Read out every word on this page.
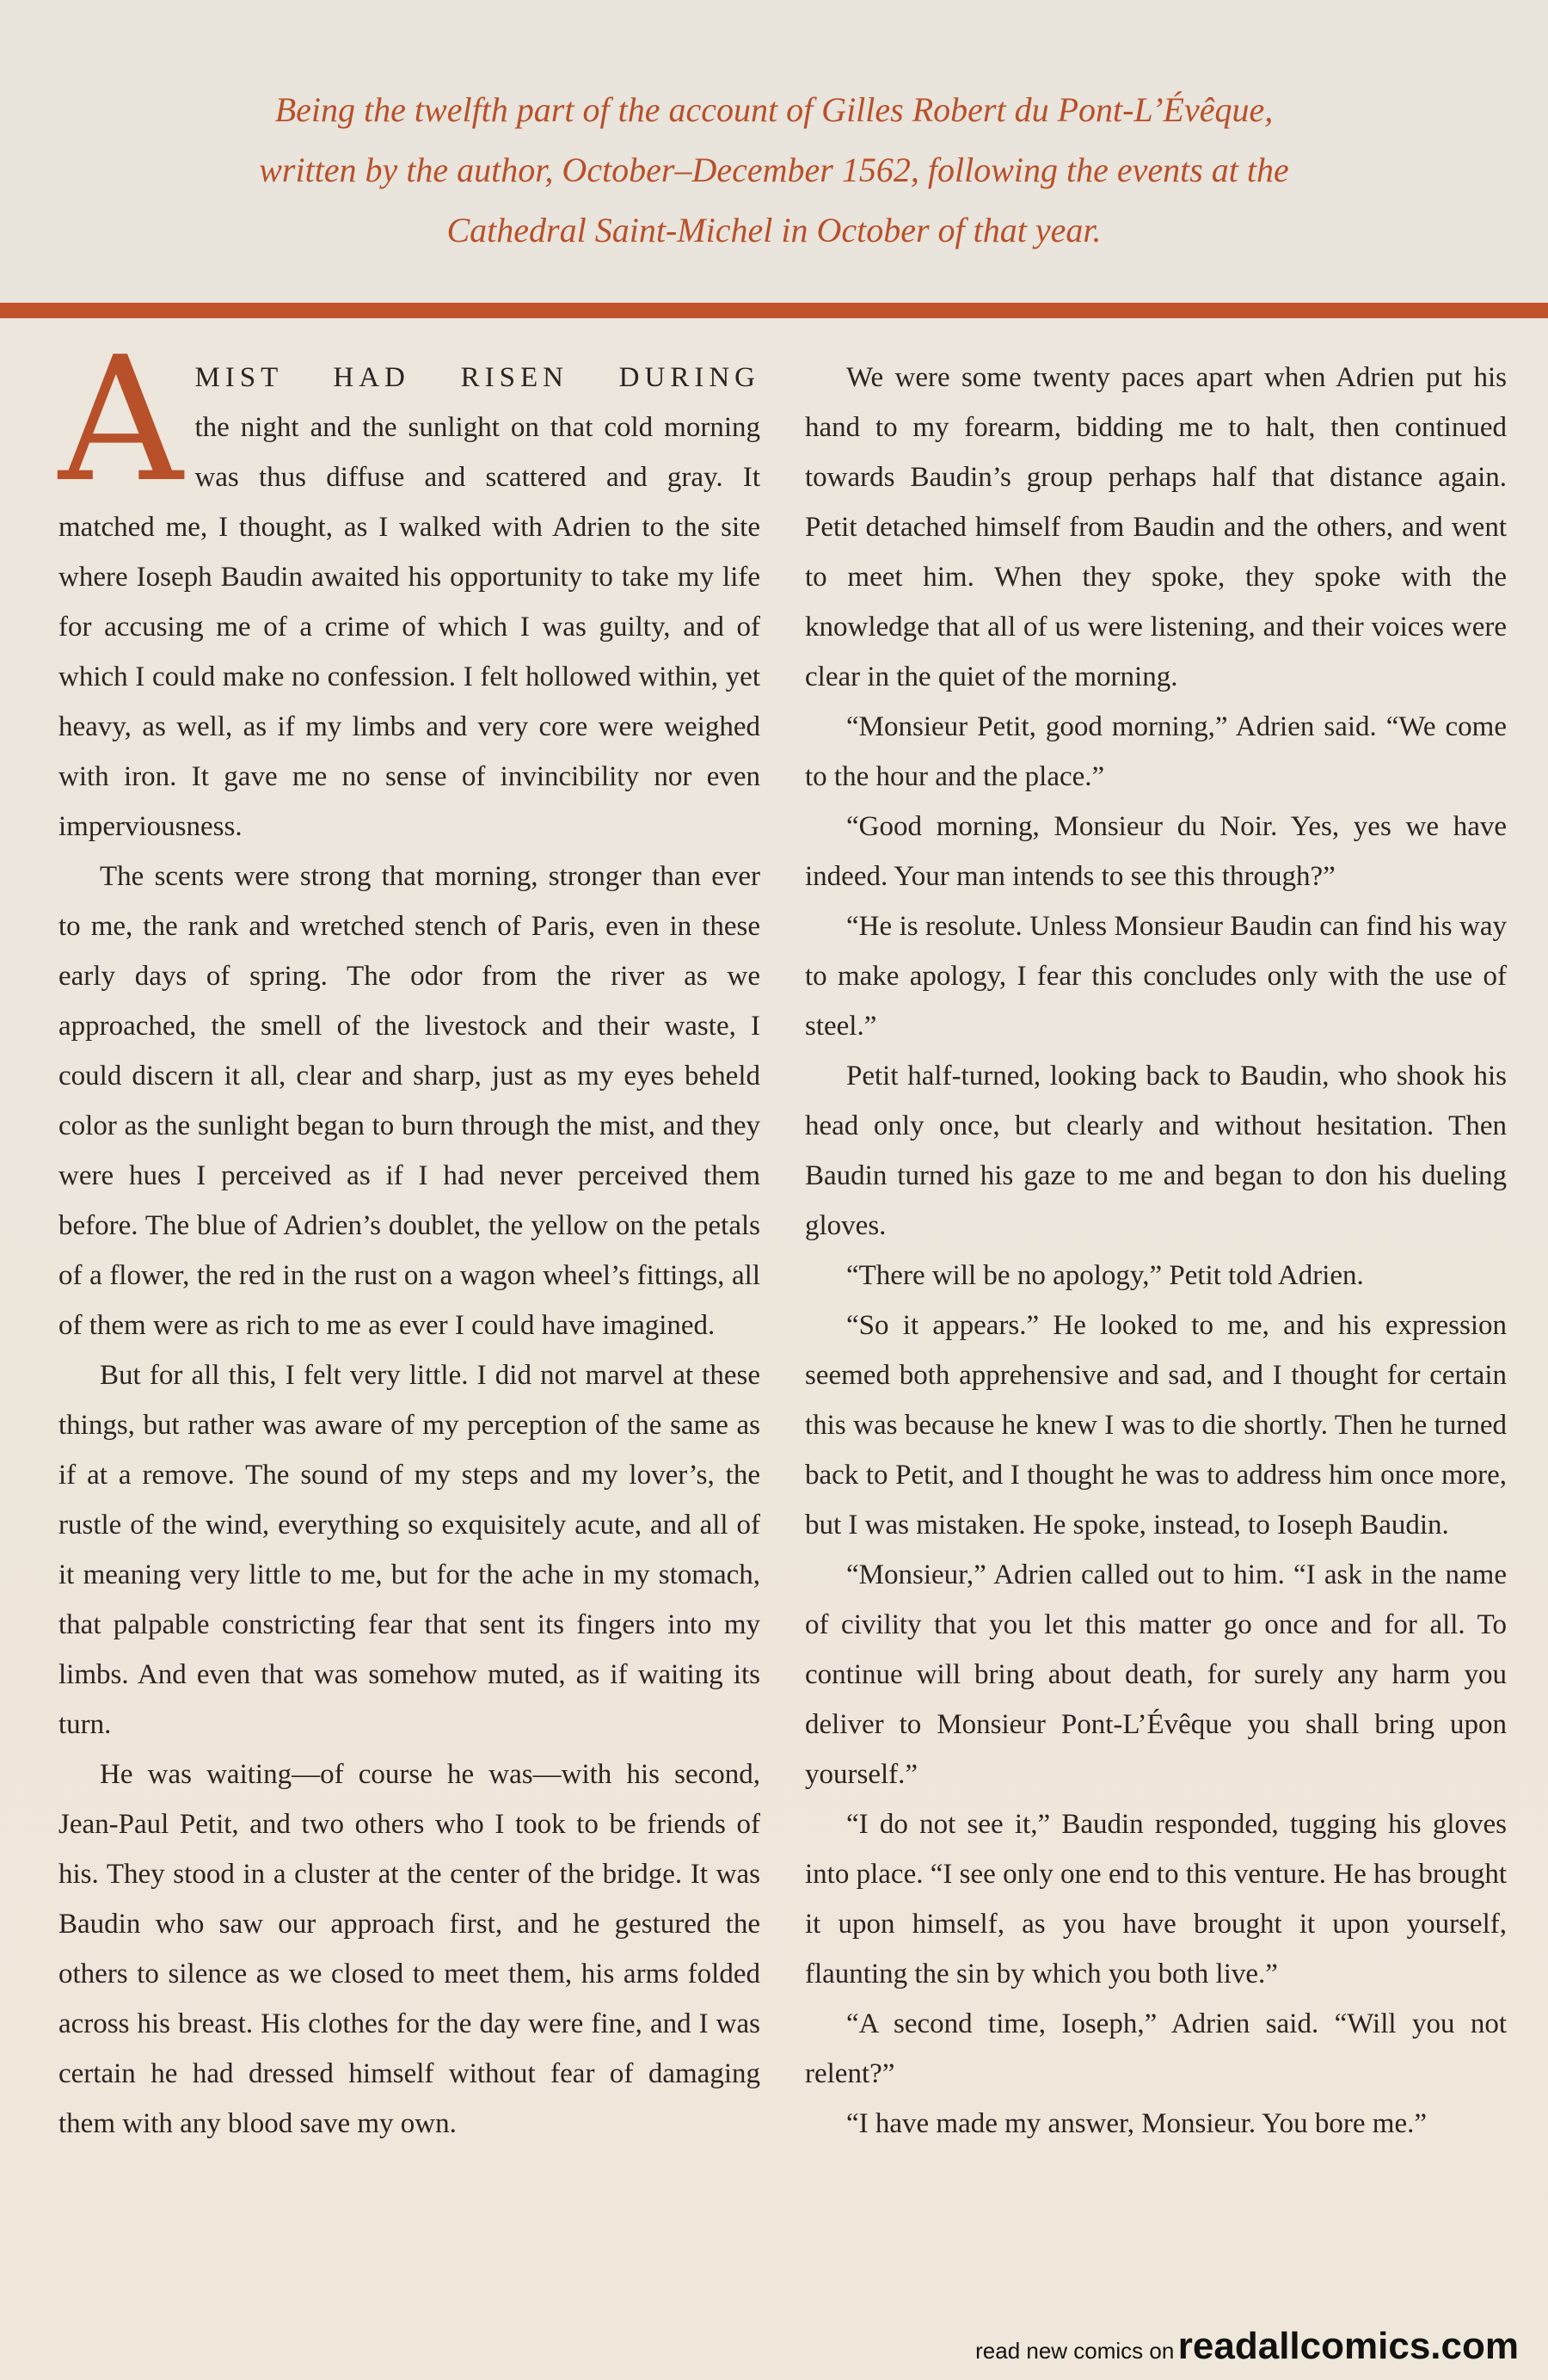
Being the twelfth part of the account of Gilles Robert du Pont-L’Évêque,
written by the author, October–December 1562, following the events at the
Cathedral Saint-Michel in October of that year.

AMIST HAD RISEN DURING the night and the sunlight on that cold morning was thus diffuse and scattered and gray. It matched me, I thought, as I walked with Adrien to the site where Ioseph Baudin awaited his opportunity to take my life for accusing me of a crime of which I was guilty, and of which I could make no confession. I felt hollowed within, yet heavy, as well, as if my limbs and very core were weighed with iron. It gave me no sense of invincibility nor even imperviousness.

The scents were strong that morning, stronger than ever to me, the rank and wretched stench of Paris, even in these early days of spring. The odor from the river as we approached, the smell of the livestock and their waste, I could discern it all, clear and sharp, just as my eyes beheld color as the sunlight began to burn through the mist, and they were hues I perceived as if I had never perceived them before. The blue of Adrien’s doublet, the yellow on the petals of a flower, the red in the rust on a wagon wheel’s fittings, all of them were as rich to me as ever I could have imagined.

But for all this, I felt very little. I did not marvel at these things, but rather was aware of my perception of the same as if at a remove. The sound of my steps and my lover’s, the rustle of the wind, everything so exquisitely acute, and all of it meaning very little to me, but for the ache in my stomach, that palpable constricting fear that sent its fingers into my limbs. And even that was somehow muted, as if waiting its turn.

He was waiting—of course he was—with his second, Jean-Paul Petit, and two others who I took to be friends of his. They stood in a cluster at the center of the bridge. It was Baudin who saw our approach first, and he gestured the others to silence as we closed to meet them, his arms folded across his breast. His clothes for the day were fine, and I was certain he had dressed himself without fear of damaging them with any blood save my own.

We were some twenty paces apart when Adrien put his hand to my forearm, bidding me to halt, then continued towards Baudin’s group perhaps half that distance again. Petit detached himself from Baudin and the others, and went to meet him. When they spoke, they spoke with the knowledge that all of us were listening, and their voices were clear in the quiet of the morning.

“Monsieur Petit, good morning,” Adrien said. “We come to the hour and the place.”

“Good morning, Monsieur du Noir. Yes, yes we have indeed. Your man intends to see this through?”

“He is resolute. Unless Monsieur Baudin can find his way to make apology, I fear this concludes only with the use of steel.”

Petit half-turned, looking back to Baudin, who shook his head only once, but clearly and without hesitation. Then Baudin turned his gaze to me and began to don his dueling gloves.

“There will be no apology,” Petit told Adrien.

“So it appears.” He looked to me, and his expression seemed both apprehensive and sad, and I thought for certain this was because he knew I was to die shortly. Then he turned back to Petit, and I thought he was to address him once more, but I was mistaken. He spoke, instead, to Ioseph Baudin.

“Monsieur,” Adrien called out to him. “I ask in the name of civility that you let this matter go once and for all. To continue will bring about death, for surely any harm you deliver to Monsieur Pont-L’Évêque you shall bring upon yourself.”

“I do not see it,” Baudin responded, tugging his gloves into place. “I see only one end to this venture. He has brought it upon himself, as you have brought it upon yourself, flaunting the sin by which you both live.”

“A second time, Ioseph,” Adrien said. “Will you not relent?”

“I have made my answer, Monsieur. You bore me.”

read new comics on readallcomics.com
